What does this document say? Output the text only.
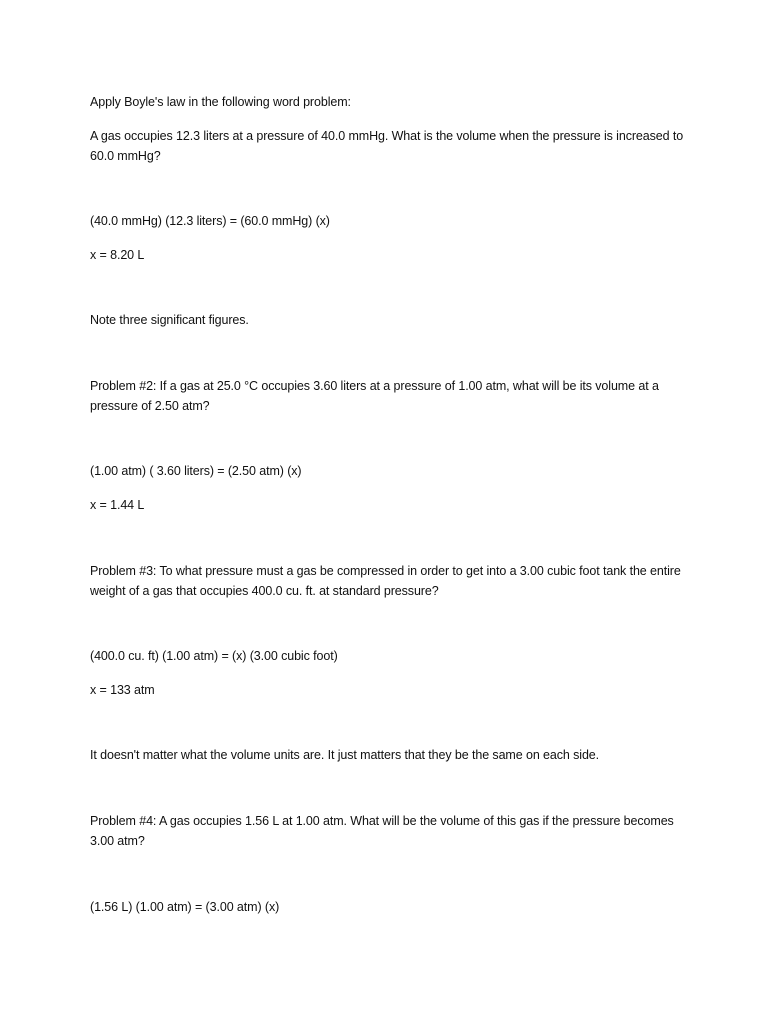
Apply Boyle's law in the following word problem:
A gas occupies 12.3 liters at a pressure of 40.0 mmHg. What is the volume when the pressure is increased to 60.0 mmHg?
(40.0 mmHg) (12.3 liters) = (60.0 mmHg) (x)
x = 8.20 L
Note three significant figures.
Problem #2: If a gas at 25.0 °C occupies 3.60 liters at a pressure of 1.00 atm, what will be its volume at a pressure of 2.50 atm?
(1.00 atm) ( 3.60 liters) = (2.50 atm) (x)
x = 1.44 L
Problem #3: To what pressure must a gas be compressed in order to get into a 3.00 cubic foot tank the entire weight of a gas that occupies 400.0 cu. ft. at standard pressure?
(400.0 cu. ft) (1.00 atm) = (x) (3.00 cubic foot)
x = 133 atm
It doesn't matter what the volume units are. It just matters that they be the same on each side.
Problem #4: A gas occupies 1.56 L at 1.00 atm. What will be the volume of this gas if the pressure becomes 3.00 atm?
(1.56 L) (1.00 atm) = (3.00 atm) (x)
